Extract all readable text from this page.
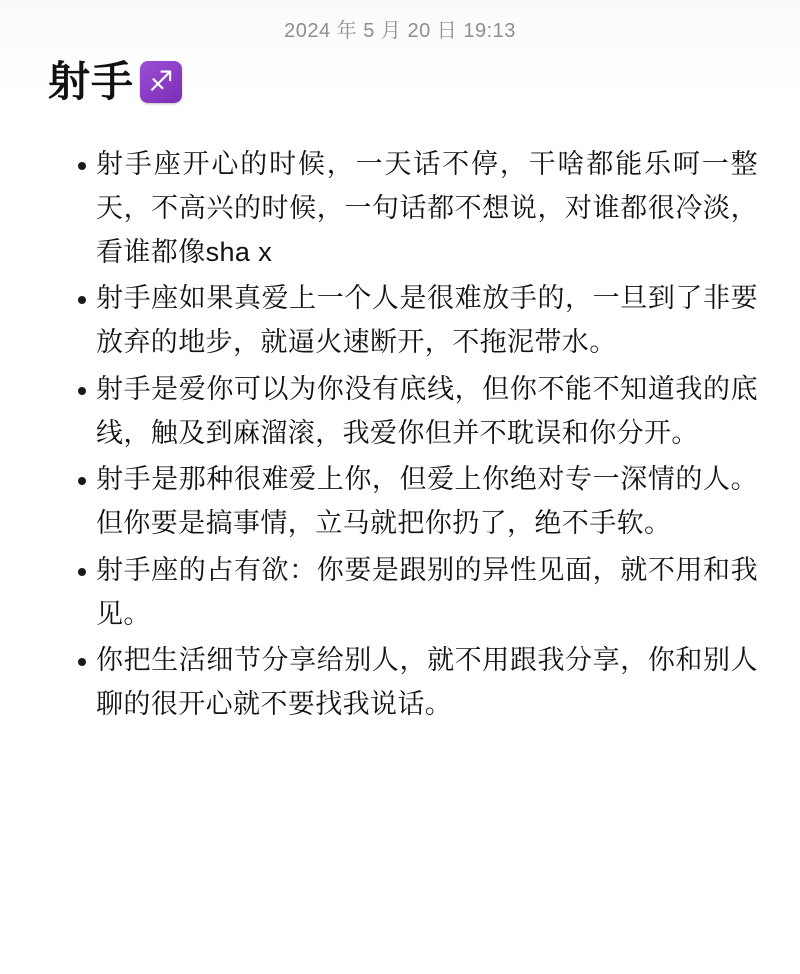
2024 年 5 月 20 日 19:13
射手 ♐
射手座开心的时候，一天话不停，干啥都能乐呵一整天，不高兴的时候，一句话都不想说，对谁都很冷淡，看谁都像sha x
射手座如果真爱上一个人是很难放手的，一旦到了非要放弃的地步，就逼火速断开，不拖泥带水。
射手是爱你可以为你没有底线，但你不能不知道我的底线，触及到麻溜滚，我爱你但并不耽误和你分开。
射手是那种很难爱上你，但爱上你绝对专一深情的人。但你要是搞事情，立马就把你扔了，绝不手软。
射手座的占有欲：你要是跟别的异性见面，就不用和我见。
你把生活细节分享给别人，就不用跟我分享，你和别人聊的很开心就不要找我说话。
